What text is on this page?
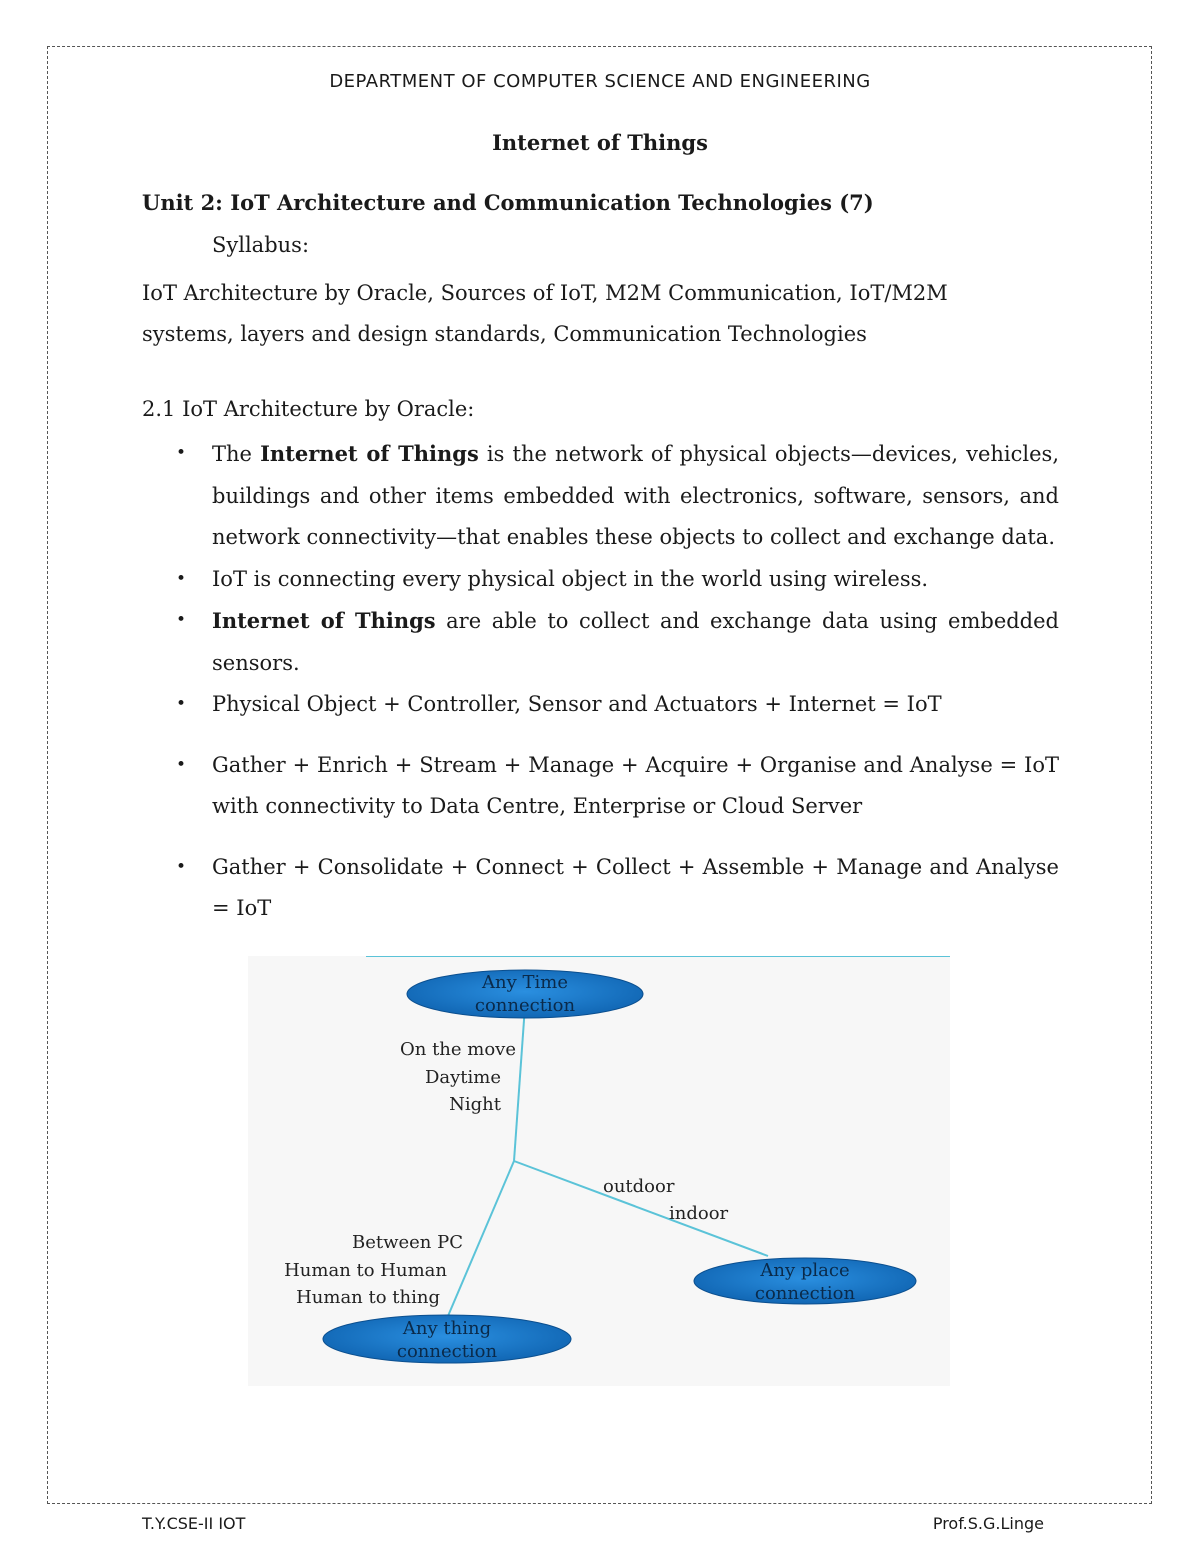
DEPARTMENT OF COMPUTER SCIENCE AND ENGINEERING
Internet of Things
Unit 2: IoT Architecture and Communication Technologies (7)
Syllabus:
IoT Architecture by Oracle, Sources of IoT, M2M Communication, IoT/M2M
systems, layers and design standards, Communication Technologies
2.1 IoT Architecture by Oracle:
• The Internet of Things is the network of physical objects—devices, vehicles, buildings and other items embedded with electronics, software, sensors, and network connectivity—that enables these objects to collect and exchange data.
• IoT is connecting every physical object in the world using wireless.
• Internet of Things are able to collect and exchange data using embedded sensors.
• Physical Object + Controller, Sensor and Actuators + Internet = IoT
• Gather + Enrich + Stream + Manage + Acquire + Organise and Analyse = IoT with connectivity to Data Centre, Enterprise or Cloud Server
• Gather + Consolidate + Connect + Collect + Assemble + Manage and Analyse = IoT
Any Time
connection
Any place
connection
Any thing
connection
On the move
Daytime
Night
outdoor
indoor
Between PC
Human to Human
Human to thing
T.Y.CSE-II IOT	Prof.S.G.Linge
